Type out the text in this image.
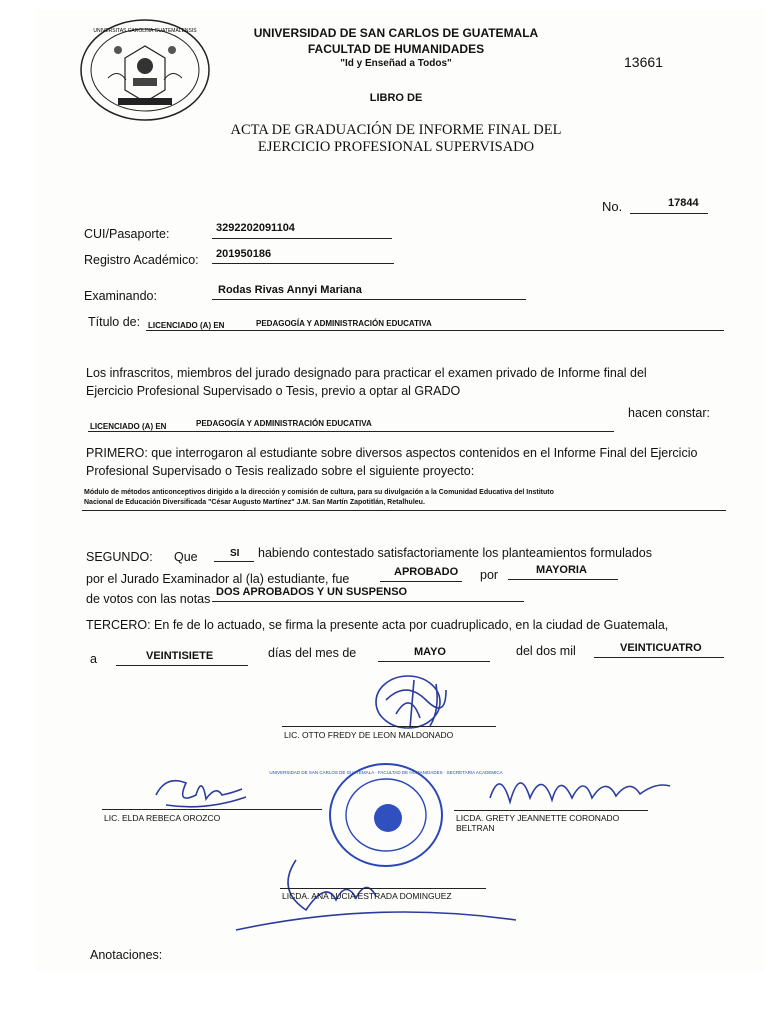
UNIVERSITAS CAROLINA GUATEMALENSIS	UNIVERSIDAD DE SAN CARLOS DE GUATEMALA
FACULTAD DE HUMANIDADES
"Id y Enseñad a Todos"
LIBRO DE
13661
ACTA DE GRADUACIÓN DE INFORME FINAL DEL
EJERCICIO PROFESIONAL SUPERVISADO
No.	17844
CUI/Pasaporte:	3292202091104
Registro Académico: 201950186
Examinando:	Rodas Rivas Annyi Mariana
Título de: LICENCIADO (A) EN	PEDAGOGÍA Y ADMINISTRACIÓN EDUCATIVA
Los infrascritos, miembros del jurado designado para practicar el examen privado de Informe final del
Ejercicio Profesional Supervisado o Tesis, previo a optar al GRADO
LICENCIADO (A) EN	PEDAGOGÍA Y ADMINISTRACIÓN EDUCATIVA
hacen constar:
PRIMERO: que interrogaron al estudiante sobre diversos aspectos contenidos en el Informe Final del Ejercicio
Profesional Supervisado o Tesis realizado sobre el siguiente proyecto:
Módulo de métodos anticonceptivos dirigido a la dirección y comisión de cultura, para su divulgación a la Comunidad Educativa del Instituto
Nacional de Educación Diversificada "César Augusto Martínez" J.M. San Martín Zapotitlán, Retalhuleu.
SEGUNDO: Que	SI habiendo contestado satisfactoriamente los planteamientos formulados
por el Jurado Examinador al (la) estudiante, fue	APROBADO por	MAYORIA
de votos con las notas DOS APROBADOS Y UN SUSPENSO
TERCERO: En fe de lo actuado, se firma la presente acta por cuadruplicado, en la ciudad de Guatemala,
a	VEINTISIETE	días del mes de	MAYO	del dos mil	VEINTICUATRO
LIC. OTTO FREDY DE LEON MALDONADO
LIC. ELDA REBECA OROZCO
UNIVERSIDAD DE SAN CARLOS DE GUATEMALA · FACULTAD DE HUMANIDADES · SECRETARIA ACADEMICA
LICDA. GRETY JEANNETTE CORONADO
BELTRAN
LICDA. ANA LUCIA ESTRADA DOMINGUEZ
Anotaciones:
